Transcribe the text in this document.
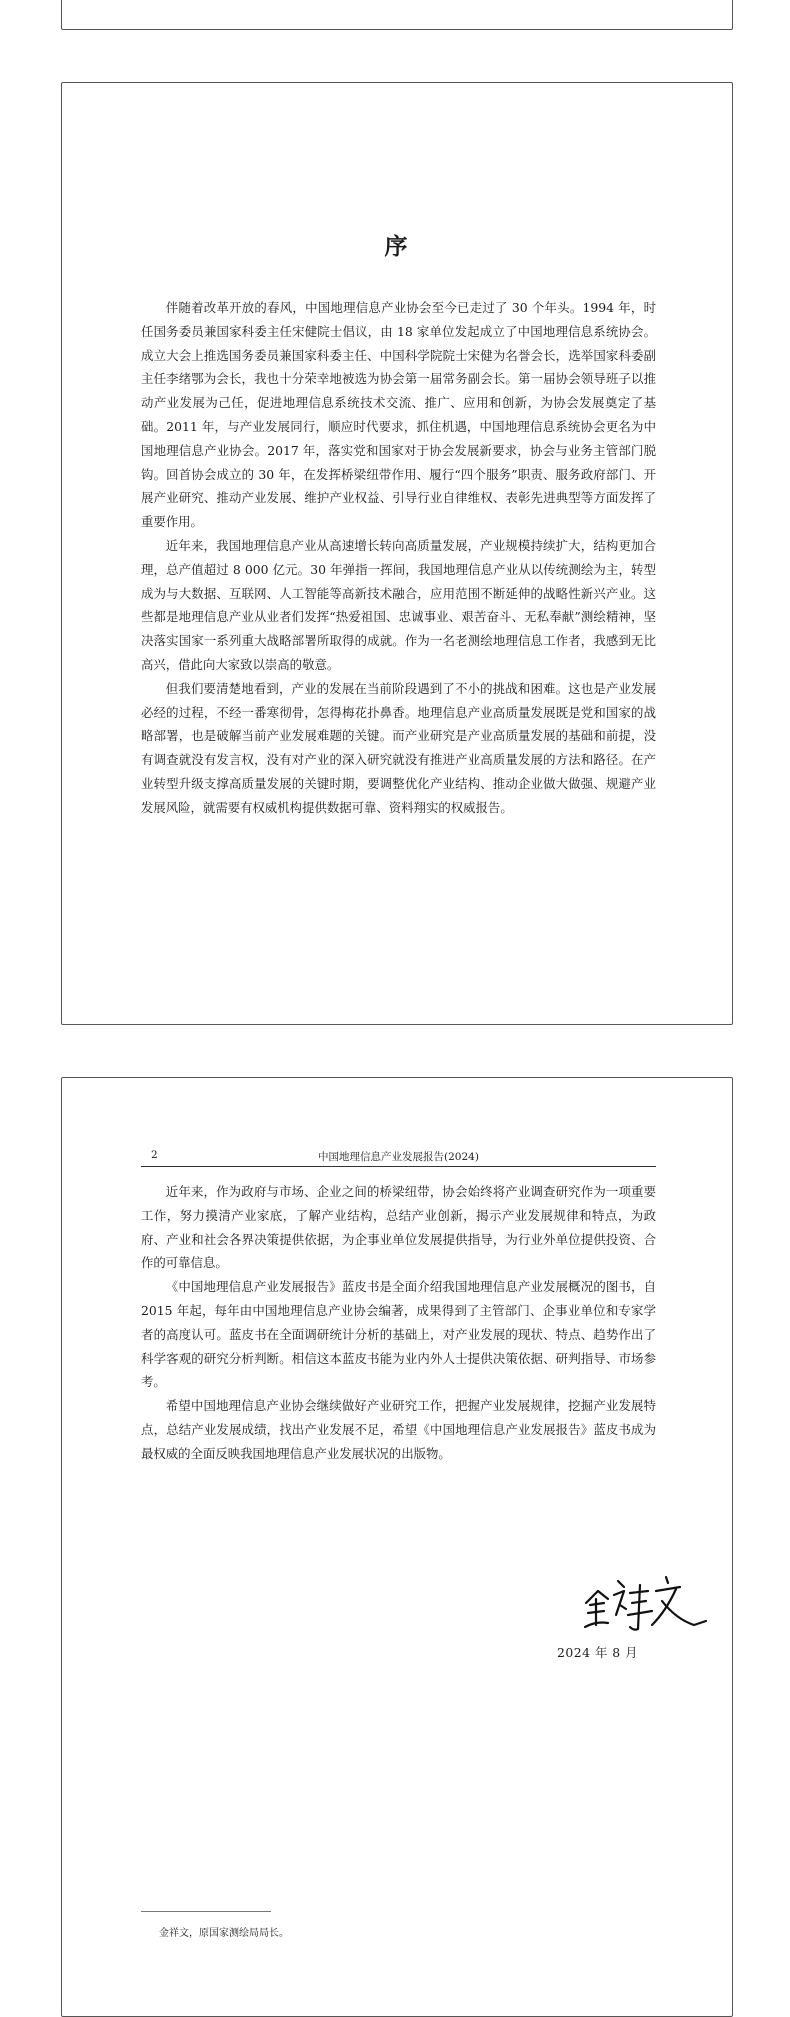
序

伴随着改革开放的春风，中国地理信息产业协会至今已走过了 30 个年头。1994 年，时任国务委员兼国家科委主任宋健院士倡议，由 18 家单位发起成立了中国地理信息系统协会。成立大会上推选国务委员兼国家科委主任、中国科学院院士宋健为名誉会长，选举国家科委副主任李绪鄂为会长，我也十分荣幸地被选为协会第一届常务副会长。第一届协会领导班子以推动产业发展为己任，促进地理信息系统技术交流、推广、应用和创新，为协会发展奠定了基础。2011 年，与产业发展同行，顺应时代要求，抓住机遇，中国地理信息系统协会更名为中国地理信息产业协会。2017 年，落实党和国家对于协会发展新要求，协会与业务主管部门脱钩。回首协会成立的 30 年，在发挥桥梁纽带作用、履行“四个服务”职责、服务政府部门、开展产业研究、推动产业发展、维护产业权益、引导行业自律维权、表彰先进典型等方面发挥了重要作用。

近年来，我国地理信息产业从高速增长转向高质量发展，产业规模持续扩大，结构更加合理，总产值超过 8 000 亿元。30 年弹指一挥间，我国地理信息产业从以传统测绘为主，转型成为与大数据、互联网、人工智能等高新技术融合，应用范围不断延伸的战略性新兴产业。这些都是地理信息产业从业者们发挥“热爱祖国、忠诚事业、艰苦奋斗、无私奉献”测绘精神，坚决落实国家一系列重大战略部署所取得的成就。作为一名老测绘地理信息工作者，我感到无比高兴，借此向大家致以崇高的敬意。

但我们要清楚地看到，产业的发展在当前阶段遇到了不小的挑战和困难。这也是产业发展必经的过程，不经一番寒彻骨，怎得梅花扑鼻香。地理信息产业高质量发展既是党和国家的战略部署，也是破解当前产业发展难题的关键。而产业研究是产业高质量发展的基础和前提，没有调查就没有发言权，没有对产业的深入研究就没有推进产业高质量发展的方法和路径。在产业转型升级支撑高质量发展的关键时期，要调整优化产业结构、推动企业做大做强、规避产业发展风险，就需要有权威机构提供数据可靠、资料翔实的权威报告。

2	中国地理信息产业发展报告(2024)

近年来，作为政府与市场、企业之间的桥梁纽带，协会始终将产业调查研究作为一项重要工作，努力摸清产业家底，了解产业结构，总结产业创新，揭示产业发展规律和特点，为政府、产业和社会各界决策提供依据，为企事业单位发展提供指导，为行业外单位提供投资、合作的可靠信息。

《中国地理信息产业发展报告》蓝皮书是全面介绍我国地理信息产业发展概况的图书，自 2015 年起，每年由中国地理信息产业协会编著，成果得到了主管部门、企事业单位和专家学者的高度认可。蓝皮书在全面调研统计分析的基础上，对产业发展的现状、特点、趋势作出了科学客观的研究分析判断。相信这本蓝皮书能为业内外人士提供决策依据、研判指导、市场参考。

希望中国地理信息产业协会继续做好产业研究工作，把握产业发展规律，挖掘产业发展特点，总结产业发展成绩，找出产业发展不足，希望《中国地理信息产业发展报告》蓝皮书成为最权威的全面反映我国地理信息产业发展状况的出版物。

2024 年 8 月
金祥文，原国家测绘局局长。
